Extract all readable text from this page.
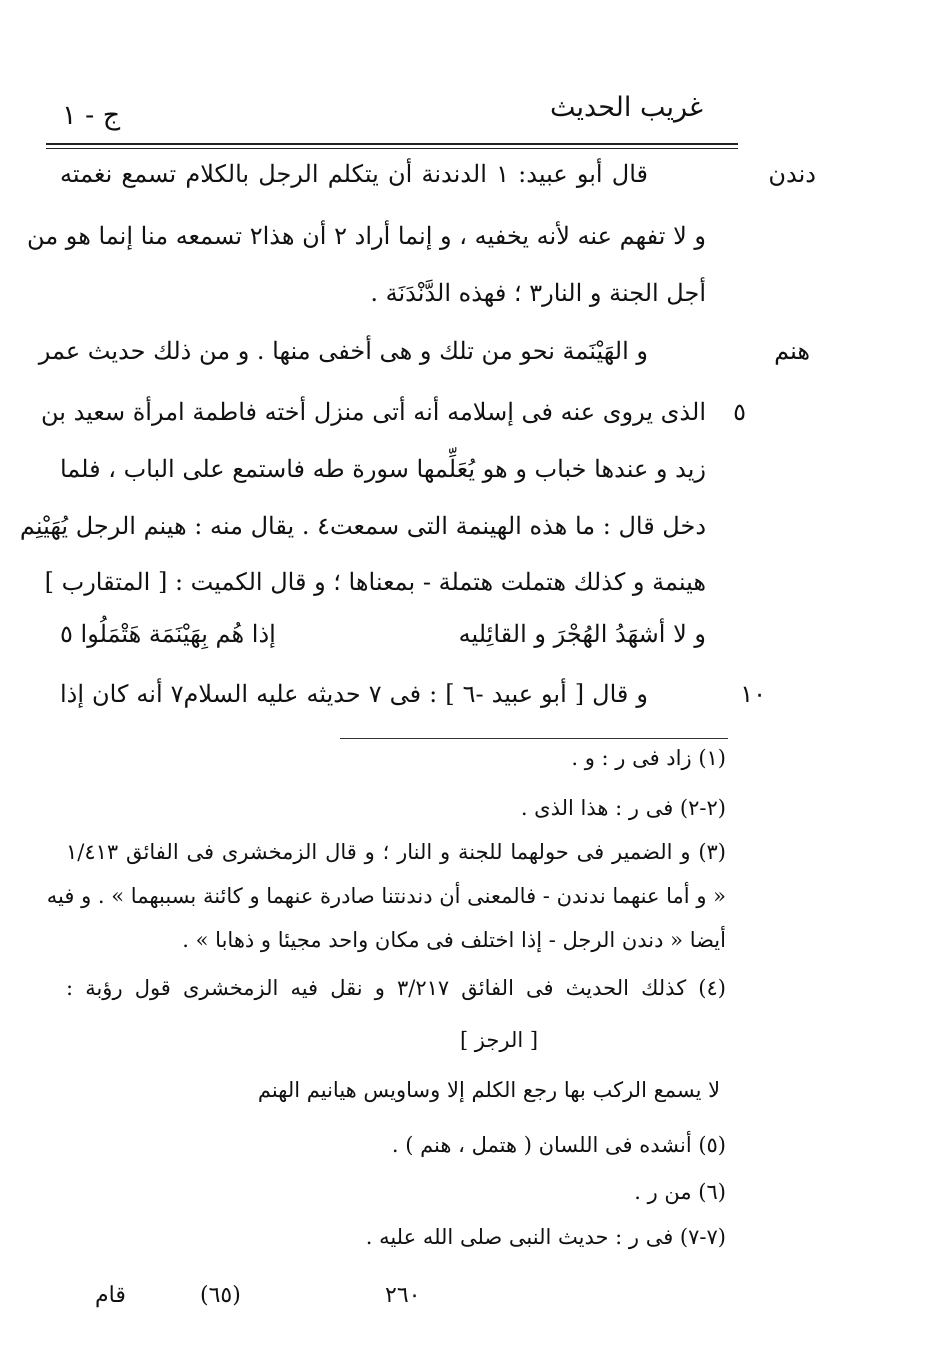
غريب الحديث
ج - ١
دندن
هنم
٥
١٠
قال أبو عبيد: ١ الدندنة أن يتكلم الرجل بالكلام تسمع نغمته
و لا تفهم عنه لأنه يخفيه ، و إنما أراد ٢ أن هذا٢ تسمعه منا إنما هو من
أجل الجنة و النار٣ ؛ فهذه الدَّنْدَنَة .
و الهَيْنَمة نحو من تلك و هى أخفى منها . و من ذلك حديث عمر
الذى يروى عنه فى إسلامه أنه أتى منزل أخته فاطمة امرأة سعيد بن
زيد و عندها خباب و هو يُعَلِّمها سورة طه فاستمع على الباب ، فلما
دخل قال : ما هذه الهينمة التى سمعت٤ . يقال منه : هينم الرجل يُهَيْنِم
هينمة و كذلك هتملت هتملة - بمعناها ؛ و قال الكميت : [ المتقارب ]
و لا أشهَدُ الهُجْرَ و القائِليه
إذا هُم بِهَيْنَمَة هَتْمَلُوا ٥
و قال [ أبو عبيد -٦ ] : فى ٧ حديثه عليه السلام٧ أنه كان إذا
(١) زاد فى ر : و .
(٢-٢) فى ر : هذا الذى .
(٣) و الضمير فى حولهما للجنة و النار ؛ و قال الزمخشرى فى الفائق ١/٤١٣
« و أما عنهما ندندن - فالمعنى أن دندنتنا صادرة عنهما و كائنة بسببهما » . و فيه
أيضا « دندن الرجل - إذا اختلف فى مكان واحد مجيئا و ذهابا » .
(٤) كذلك الحديث فى الفائق ٣/٢١٧ و نقل فيه الزمخشرى قول رؤبة :
[ الرجز ]
لا يسمع الركب بها رجع الكلم إلا وساويس هيانيم الهنم
(٥) أنشده فى اللسان ( هتمل ، هنم ) .
(٦) من ر .
(٧-٧) فى ر : حديث النبى صلى الله عليه .
٢٦٠
(٦٥)
قام
